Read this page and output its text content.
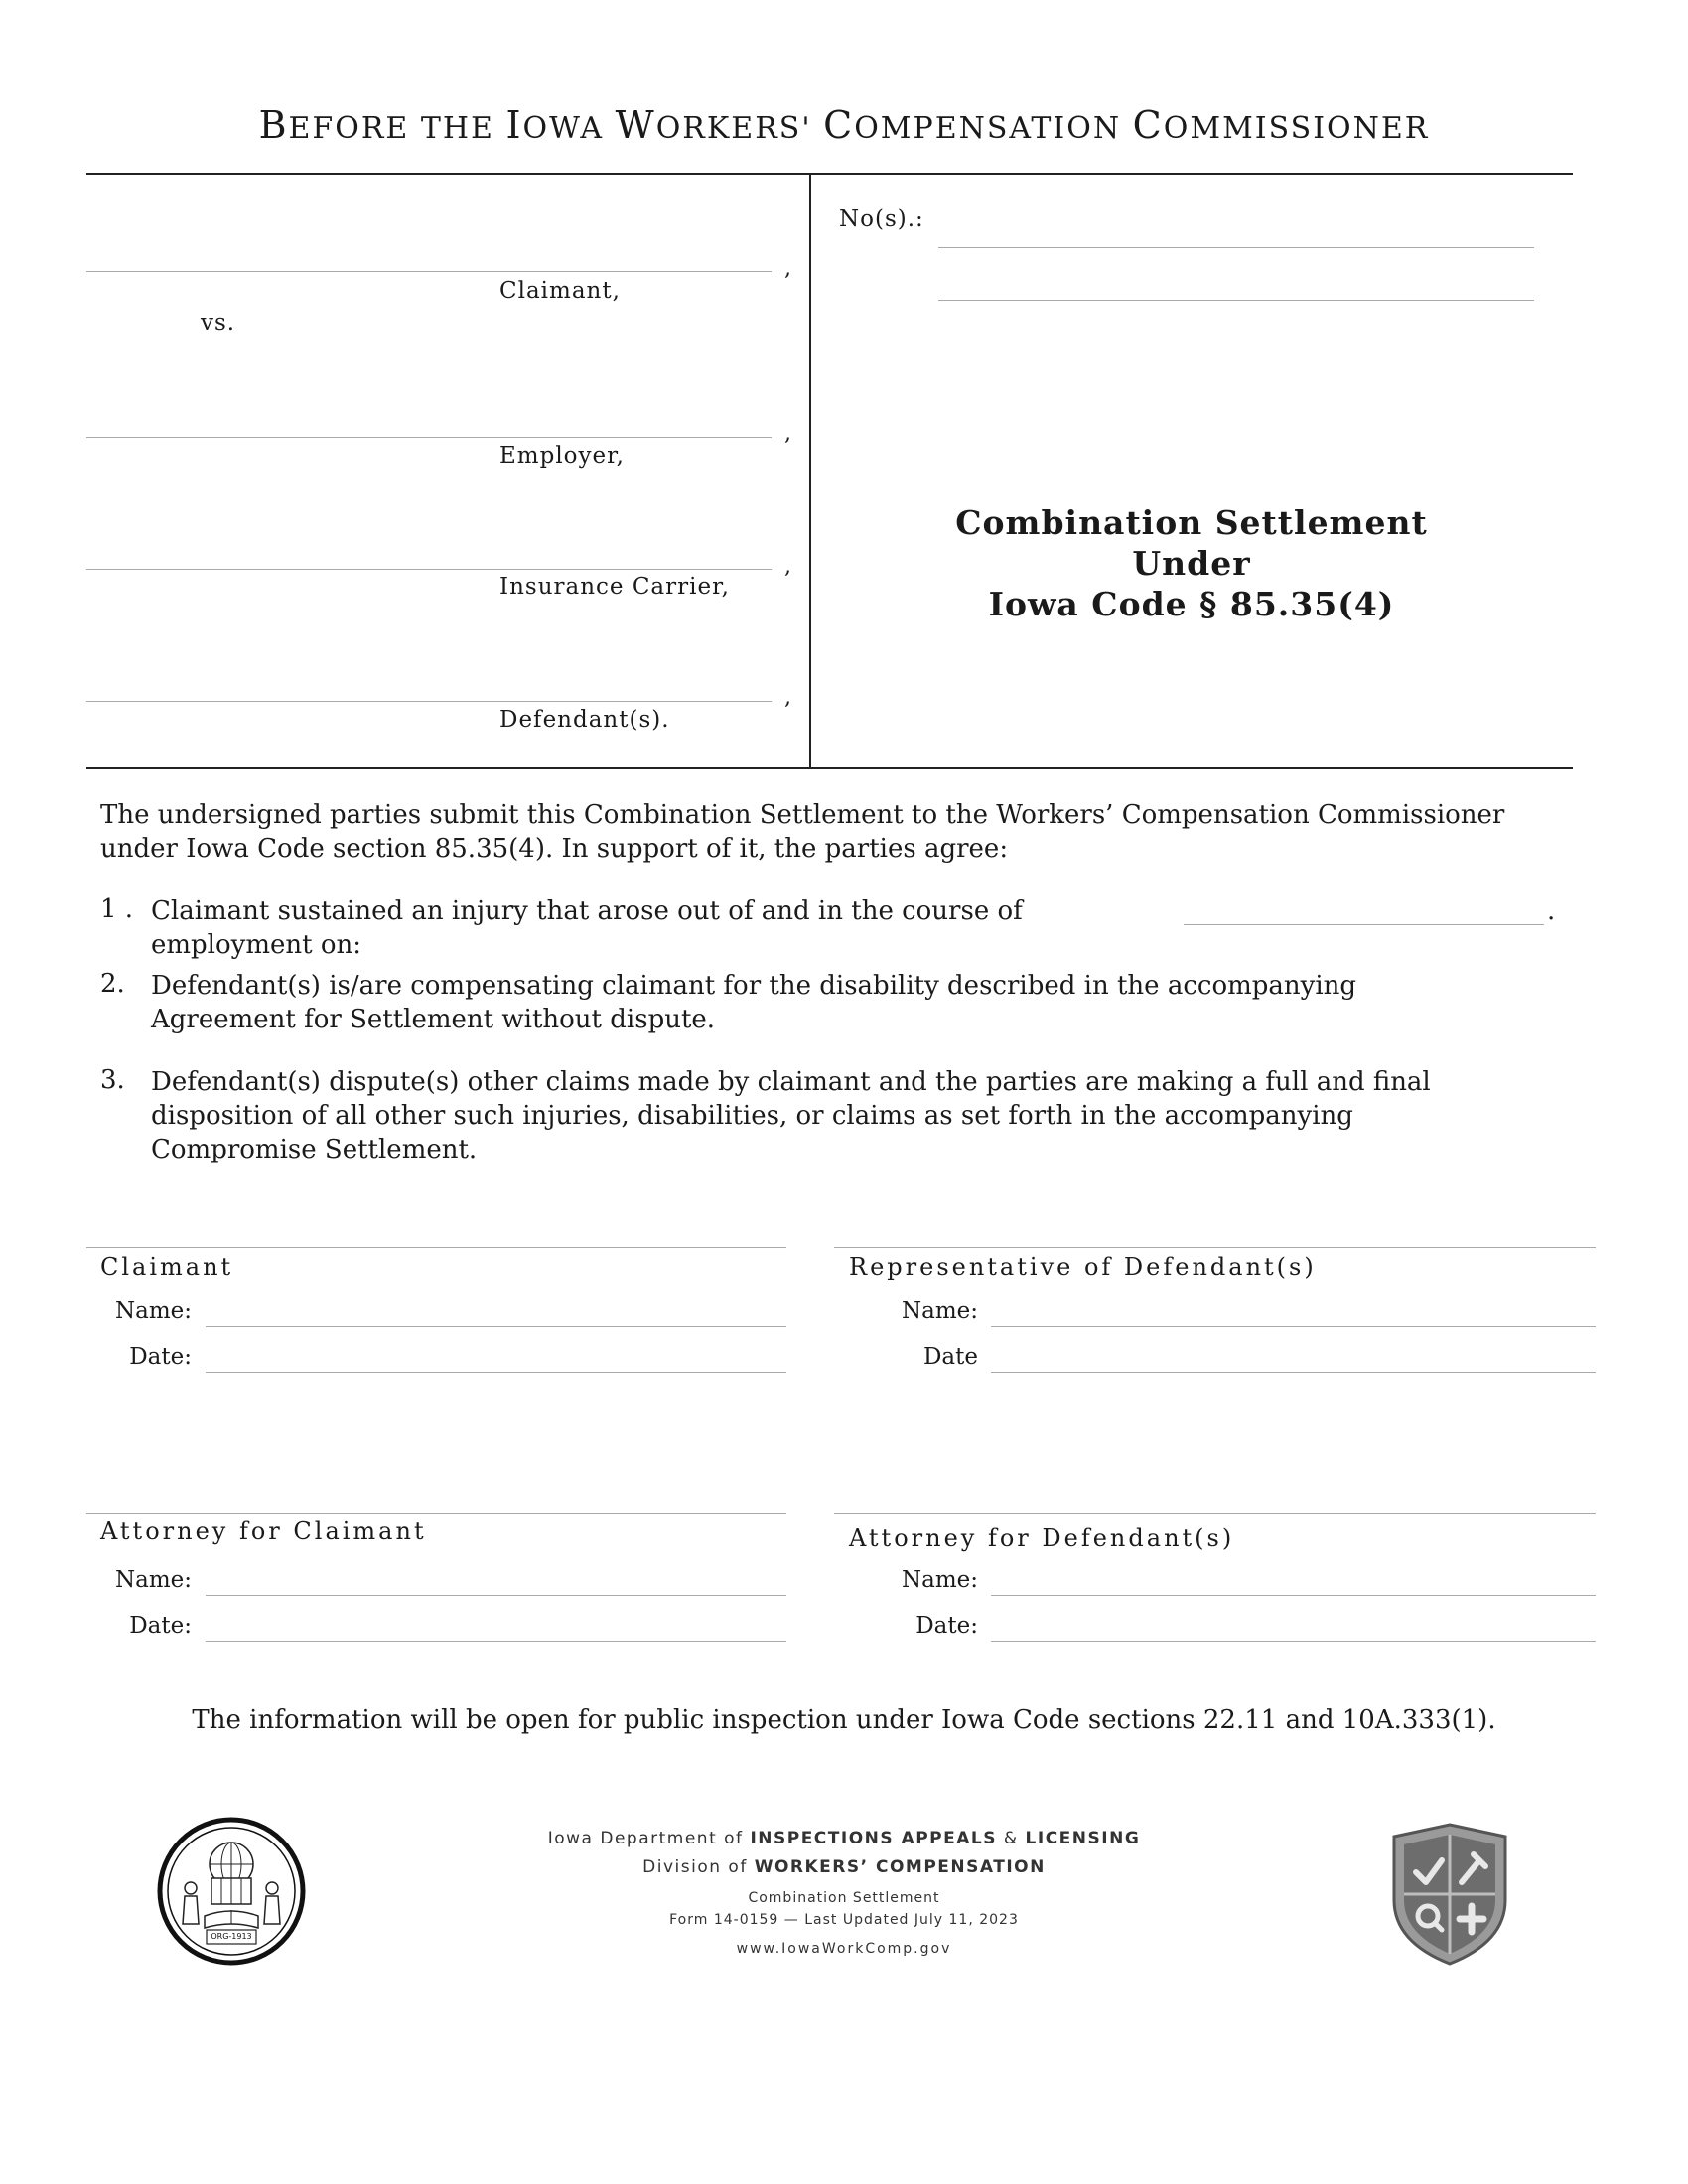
BEFORE THE IOWA WORKERS' COMPENSATION COMMISSIONER
,
Claimant,
vs.
,
Employer,
,
Insurance Carrier,
,
Defendant(s).
No(s).:
Combination Settlement
Under
Iowa Code § 85.35(4)
The undersigned parties submit this Combination Settlement to the Workers’ Compensation Commissioner under Iowa Code section 85.35(4). In support of it, the parties agree:
1 . Claimant sustained an injury that arose out of and in the course of employment on:
.
2. Defendant(s) is/are compensating claimant for the disability described in the accompanying Agreement for Settlement without dispute.
3. Defendant(s) dispute(s) other claims made by claimant and the parties are making a full and final disposition of all other such injuries, disabilities, or claims as set forth in the accompanying Compromise Settlement.
Claimant
Name:
Date:
Representative of Defendant(s)
Name:
Date
Attorney for Claimant
Name:
Date:
Attorney for Defendant(s)
Name:
Date:
The information will be open for public inspection under Iowa Code sections 22.11 and 10A.333(1).
ORG-1913
Iowa Department of INSPECTIONS APPEALS & LICENSING
Division of WORKERS’ COMPENSATION
Combination Settlement
Form 14-0159 — Last Updated July 11, 2023
www.IowaWorkComp.gov
